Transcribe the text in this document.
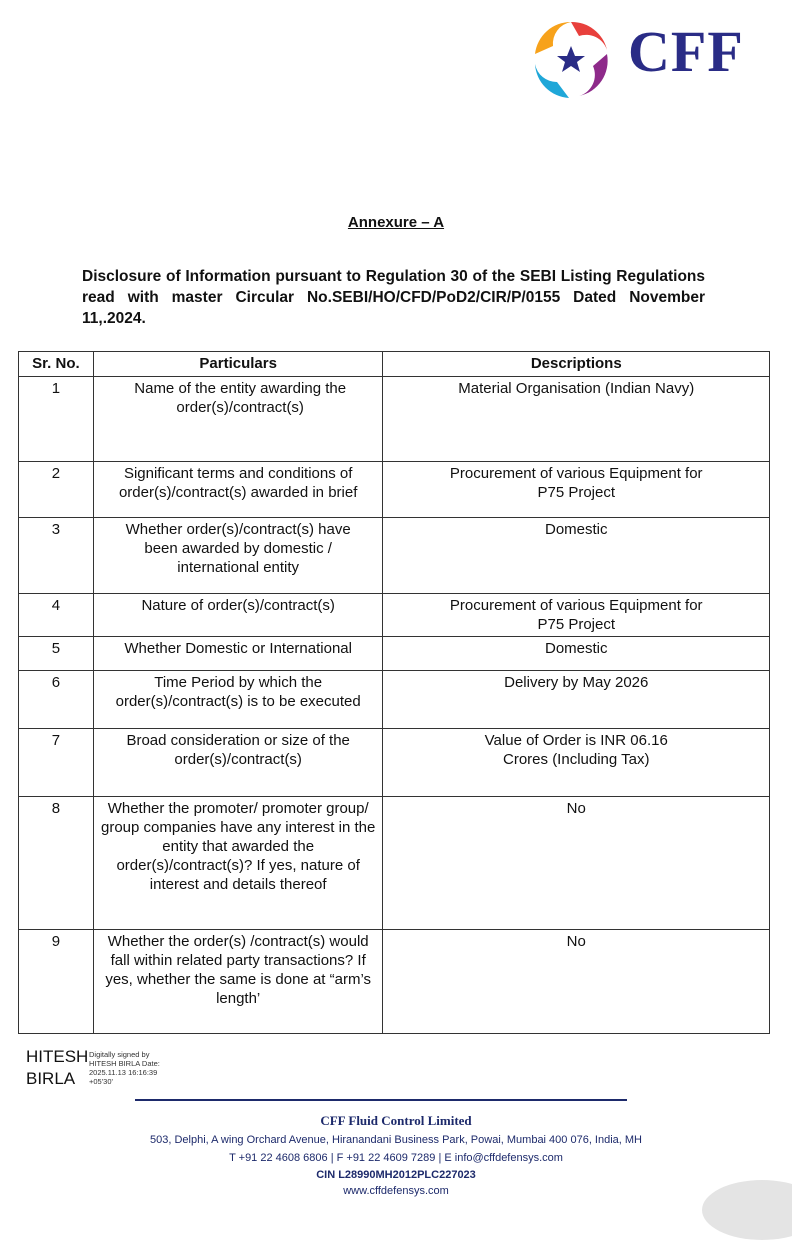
CFF
Annexure – A
Disclosure of Information pursuant to Regulation 30 of the SEBI Listing Regulations read with master Circular No.SEBI/HO/CFD/PoD2/CIR/P/0155 Dated November 11,.2024.
Sr. No.	Particulars	Descriptions
1	Name of the entity awarding the order(s)/contract(s)	Material Organisation (Indian Navy)
2	Significant terms and conditions of order(s)/contract(s) awarded in brief	Procurement of various Equipment for P75 Project
3	Whether order(s)/contract(s) have been awarded by domestic / international entity	Domestic
4	Nature of order(s)/contract(s)	Procurement of various Equipment for P75 Project
5	Whether Domestic or International	Domestic
6	Time Period by which the order(s)/contract(s) is to be executed	Delivery by May 2026
7	Broad consideration or size of the order(s)/contract(s)	Value of Order is INR 06.16 Crores (Including Tax)
8	Whether the promoter/ promoter group/ group companies have any interest in the entity that awarded the order(s)/contract(s)? If yes, nature of interest and details thereof	No
9	Whether the order(s) /contract(s) would fall within related party transactions? If yes, whether the same is done at “arm’s length’	No
HITESH
BIRLA
Digitally signed by HITESH BIRLA Date: 2025.11.13 16:16:39 +05'30'
CFF Fluid Control Limited
503, Delphi, A wing Orchard Avenue, Hiranandani Business Park, Powai, Mumbai 400 076, India, MH
T +91 22 4608 6806 | F +91 22 4609 7289 | E info@cffdefensys.com
CIN L28990MH2012PLC227023
www.cffdefensys.com
